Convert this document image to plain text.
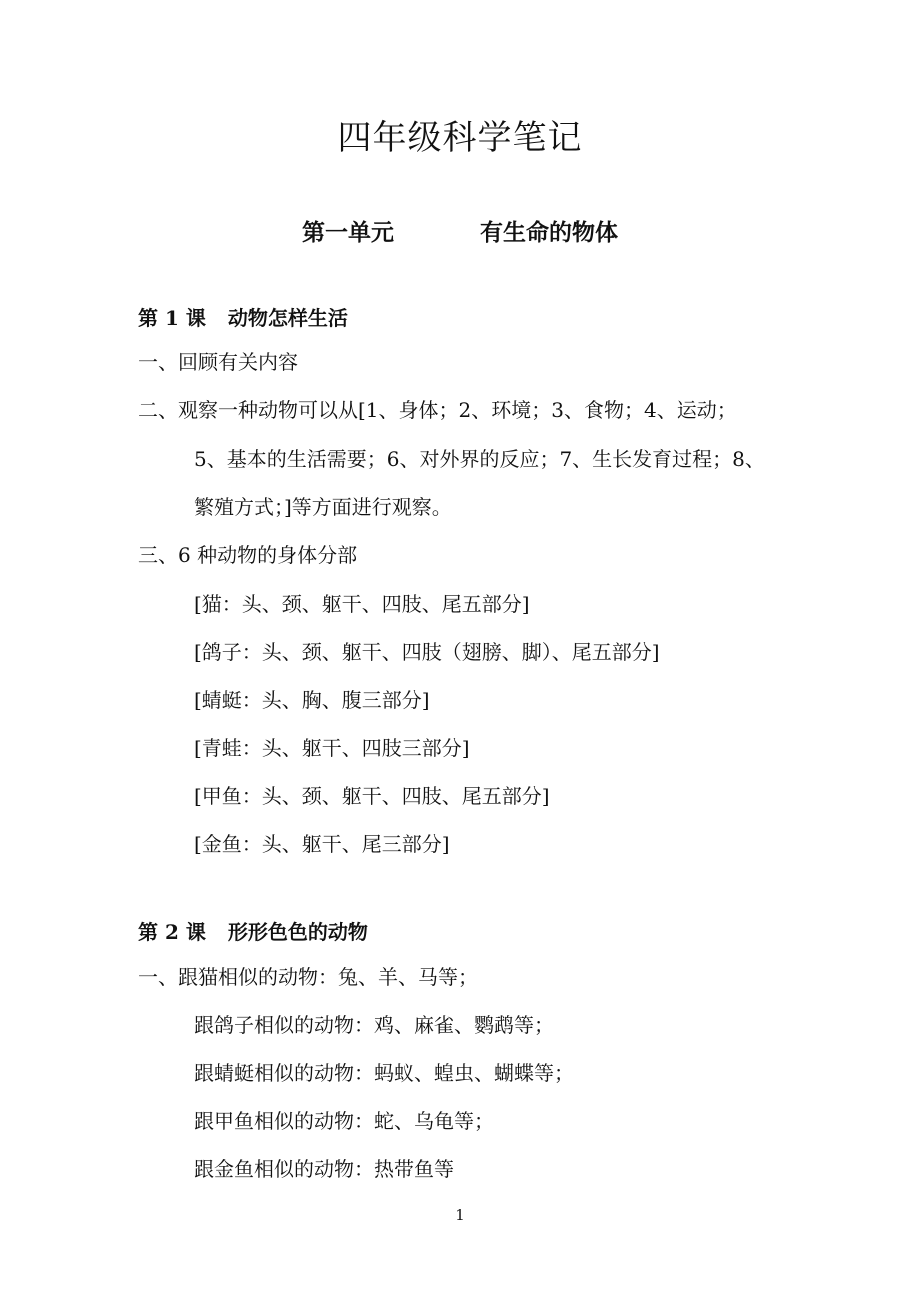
四年级科学笔记
第一单元	有生命的物体
第 1 课 动物怎样生活
一、回顾有关内容
二、观察一种动物可以从[1、身体；2、环境；3、食物；4、运动；
5、基本的生活需要；6、对外界的反应；7、生长发育过程；8、
繁殖方式；]等方面进行观察。
三、6 种动物的身体分部
[猫：头、颈、躯干、四肢、尾五部分]
[鸽子：头、颈、躯干、四肢（翅膀、脚）、尾五部分]
[蜻蜓：头、胸、腹三部分]
[青蛙：头、躯干、四肢三部分]
[甲鱼：头、颈、躯干、四肢、尾五部分]
[金鱼：头、躯干、尾三部分]
第 2 课 形形色色的动物
一、跟猫相似的动物：兔、羊、马等；
跟鸽子相似的动物：鸡、麻雀、鹦鹉等；
跟蜻蜓相似的动物：蚂蚁、蝗虫、蝴蝶等；
跟甲鱼相似的动物：蛇、乌龟等；
跟金鱼相似的动物：热带鱼等
1
